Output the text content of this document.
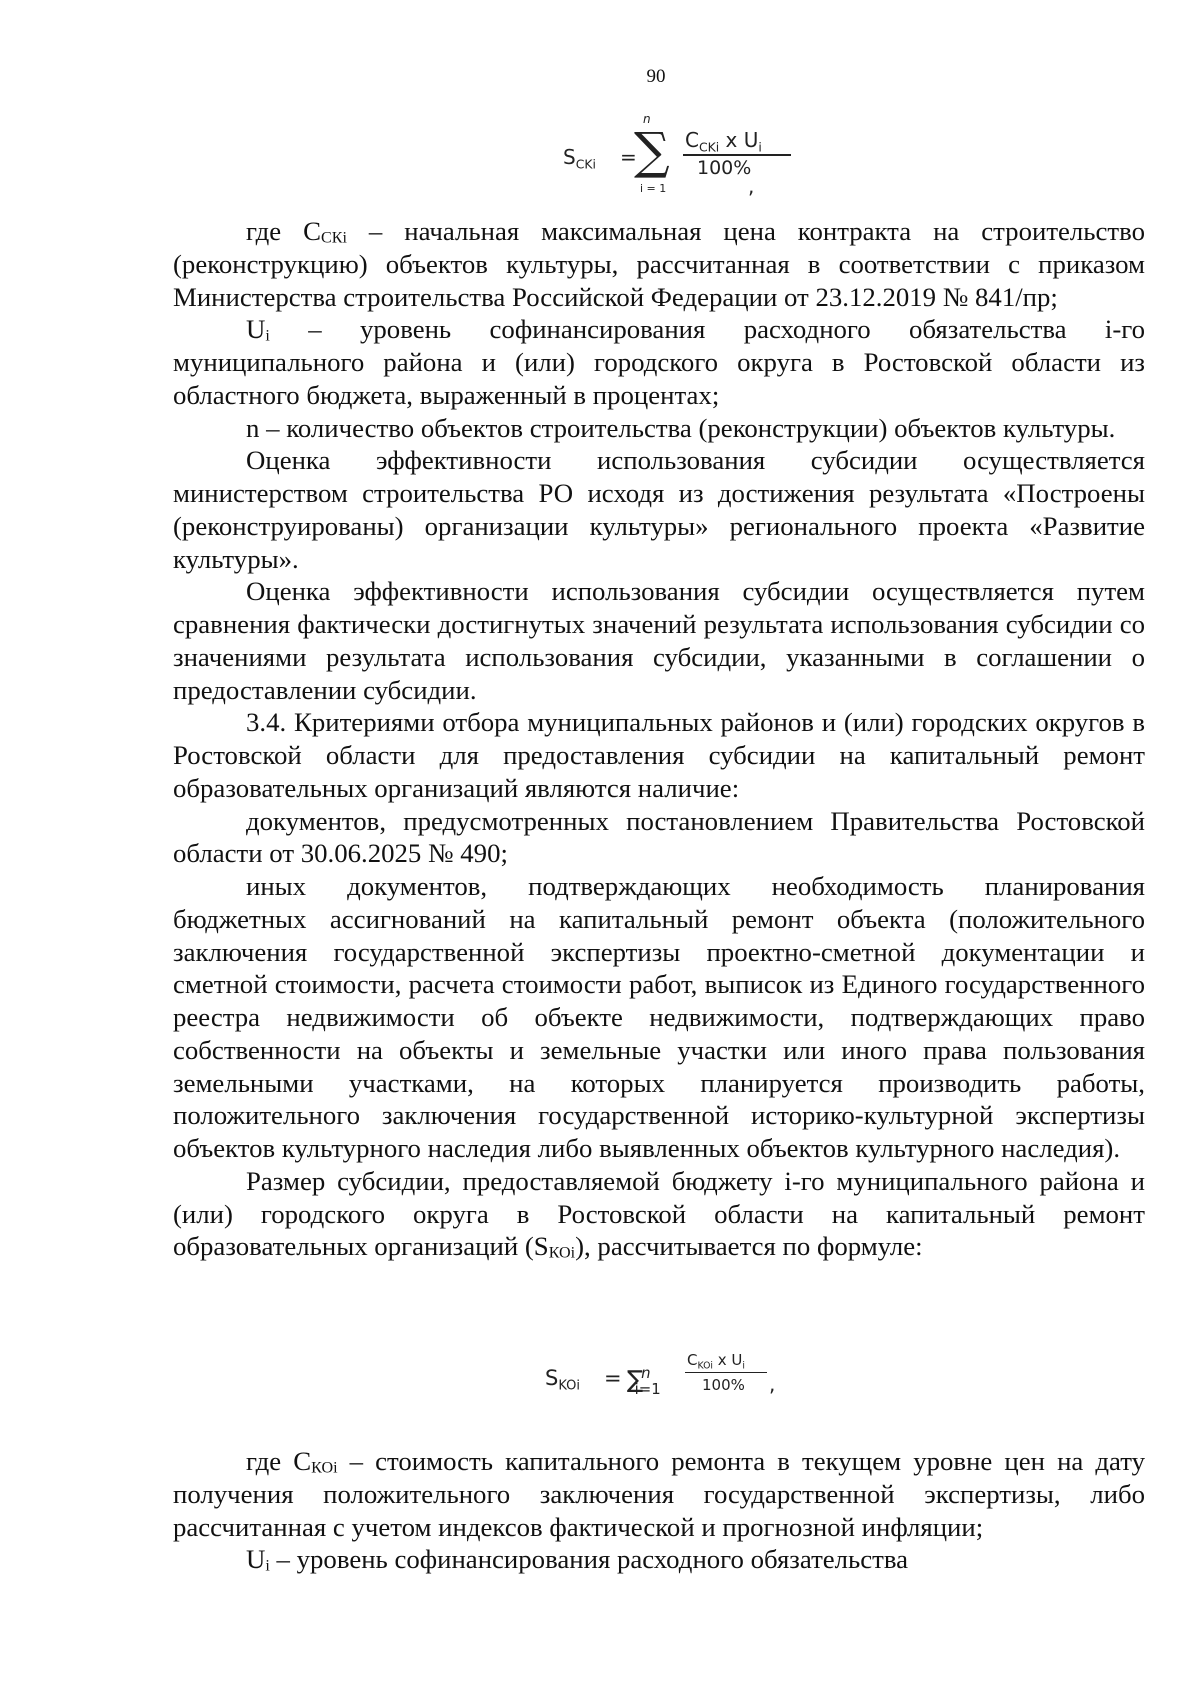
90
$S_{CKi}$ =
n
∑
i = 1
$C_{CKi}$ x $U_i$
100%
,

где $С_{СКi}$ – начальная максимальная цена контракта на строительство (реконструкцию) объектов культуры, рассчитанная в соответствии с приказом Министерства строительства Российской Федерации от 23.12.2019 № 841/пр;

$U_i$ – уровень софинансирования расходного обязательства i-го муниципального района и (или) городского округа в Ростовской области из областного бюджета, выраженный в процентах;

n – количество объектов строительства (реконструкции) объектов культуры.

Оценка эффективности использования субсидии осуществляется министерством строительства РО исходя из достижения результата «Построены (реконструированы) организации культуры» регионального проекта «Развитие культуры».

Оценка эффективности использования субсидии осуществляется путем сравнения фактически достигнутых значений результата использования субсидии со значениями результата использования субсидии, указанными в соглашении о предоставлении субсидии.

3.4. Критериями отбора муниципальных районов и (или) городских округов в Ростовской области для предоставления субсидии на капитальный ремонт образовательных организаций являются наличие:

документов, предусмотренных постановлением Правительства Ростовской области от 30.06.2025 № 490;

иных документов, подтверждающих необходимость планирования бюджетных ассигнований на капитальный ремонт объекта (положительного заключения государственной экспертизы проектно-сметной документации и сметной стоимости, расчета стоимости работ, выписок из Единого государственного реестра недвижимости об объекте недвижимости, подтверждающих право собственности на объекты и земельные участки или иного права пользования земельными участками, на которых планируется производить работы, положительного заключения государственной историко-культурной экспертизы объектов культурного наследия либо выявленных объектов культурного наследия).

Размер субсидии, предоставляемой бюджету i-го муниципального района и (или) городского округа в Ростовской области на капитальный ремонт образовательных организаций $(S_{КОi})$, рассчитывается по формуле:

$S_{KOi} = \sum^n_{i=1}$
$C_{KOi}$ x $U_i$
100% ,

где $С_{КОi}$ – стоимость капитального ремонта в текущем уровне цен на дату получения положительного заключения государственной экспертизы, либо рассчитанная с учетом индексов фактической и прогнозной инфляции;

$U_i$ – уровень софинансирования расходного обязательства
